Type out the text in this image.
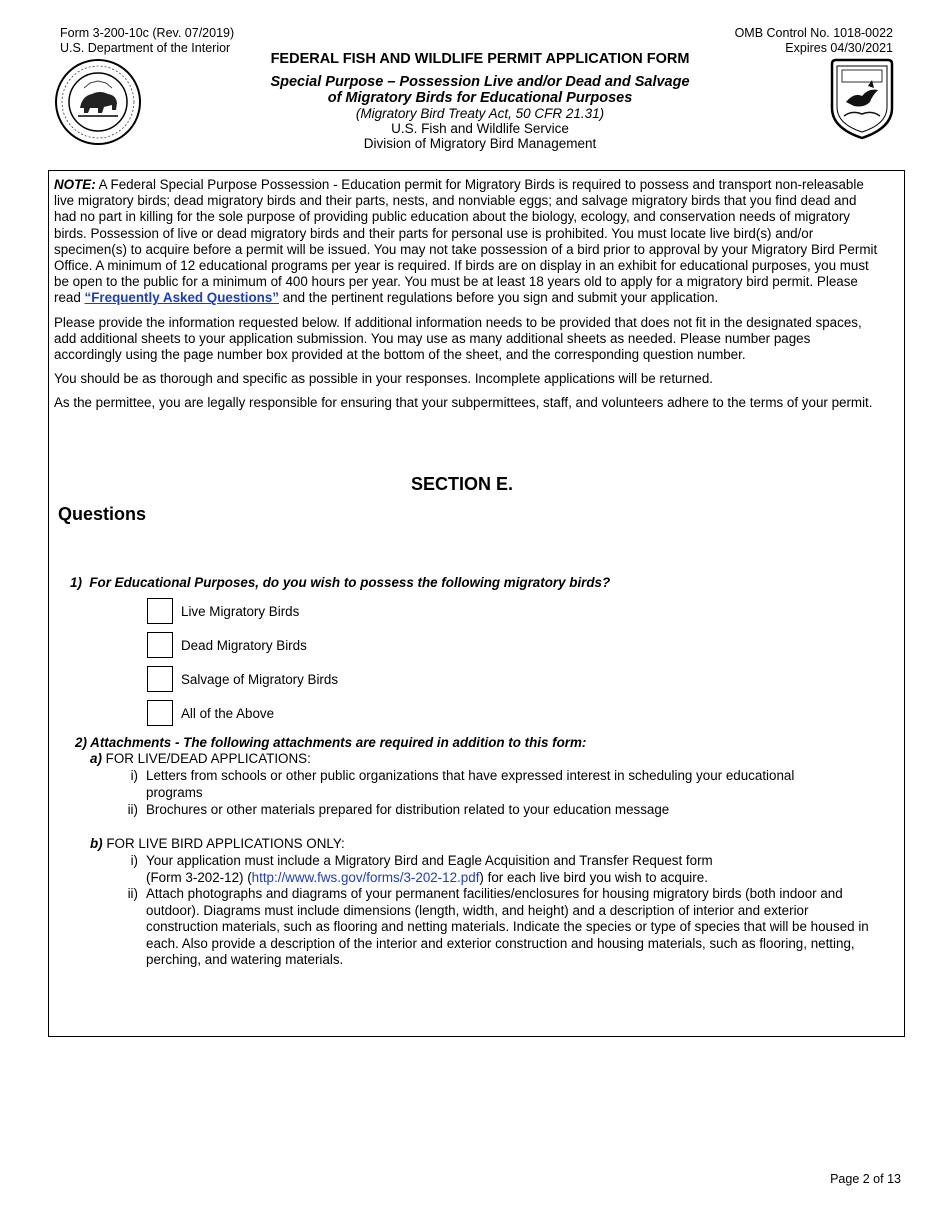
Form 3-200-10c (Rev. 07/2019)
U.S. Department of the Interior
OMB Control No. 1018-0022
Expires 04/30/2021
FEDERAL FISH AND WILDLIFE PERMIT APPLICATION FORM
Special Purpose – Possession Live and/or Dead and Salvage
of Migratory Birds for Educational Purposes
(Migratory Bird Treaty Act, 50 CFR 21.31)
U.S. Fish and Wildlife Service
Division of Migratory Bird Management

NOTE: A Federal Special Purpose Possession - Education permit for Migratory Birds is required to possess and transport non-releasable live migratory birds; dead migratory birds and their parts, nests, and nonviable eggs; and salvage migratory birds that you find dead and had no part in killing for the sole purpose of providing public education about the biology, ecology, and conservation needs of migratory birds. Possession of live or dead migratory birds and their parts for personal use is prohibited. You must locate live bird(s) and/or specimen(s) to acquire before a permit will be issued. You may not take possession of a bird prior to approval by your Migratory Bird Permit Office. A minimum of 12 educational programs per year is required. If birds are on display in an exhibit for educational purposes, you must be open to the public for a minimum of 400 hours per year. You must be at least 18 years old to apply for a migratory bird permit. Please read “Frequently Asked Questions” and the pertinent regulations before you sign and submit your application.

Please provide the information requested below. If additional information needs to be provided that does not fit in the designated spaces, add additional sheets to your application submission. You may use as many additional sheets as needed. Please number pages accordingly using the page number box provided at the bottom of the sheet, and the corresponding question number.

You should be as thorough and specific as possible in your responses. Incomplete applications will be returned.

As the permittee, you are legally responsible for ensuring that your subpermittees, staff, and volunteers adhere to the terms of your permit.

SECTION E.
Questions
1) For Educational Purposes, do you wish to possess the following migratory birds?
Live Migratory Birds
Dead Migratory Birds
Salvage of Migratory Birds
All of the Above
2) Attachments - The following attachments are required in addition to this form:
a) FOR LIVE/DEAD APPLICATIONS:
i) Letters from schools or other public organizations that have expressed interest in scheduling your educational programs
ii) Brochures or other materials prepared for distribution related to your education message
b) FOR LIVE BIRD APPLICATIONS ONLY:
i) Your application must include a Migratory Bird and Eagle Acquisition and Transfer Request form (Form 3-202-12) (http://www.fws.gov/forms/3-202-12.pdf) for each live bird you wish to acquire.
ii) Attach photographs and diagrams of your permanent facilities/enclosures for housing migratory birds (both indoor and outdoor). Diagrams must include dimensions (length, width, and height) and a description of interior and exterior construction materials, such as flooring and netting materials. Indicate the species or type of species that will be housed in each. Also provide a description of the interior and exterior construction and housing materials, such as flooring, netting, perching, and watering materials.
Page 2 of 13
